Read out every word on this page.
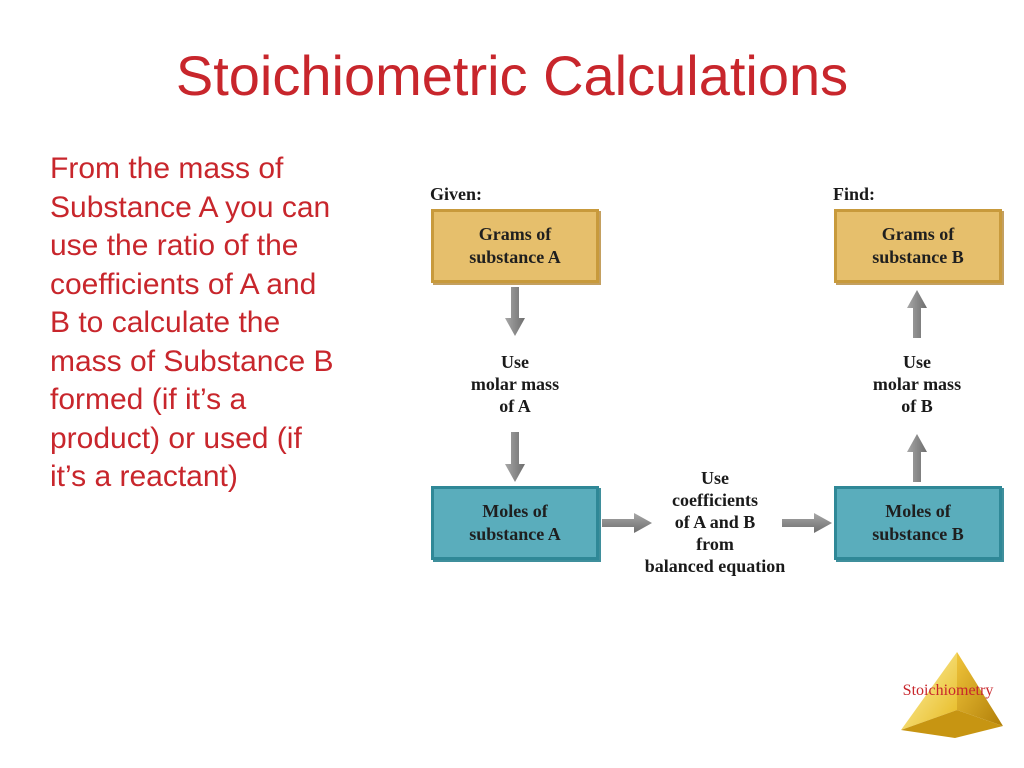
Stoichiometric Calculations
From the mass of
Substance A you can
use the ratio of the
coefficients of A and
B to calculate the
mass of Substance B
formed (if it’s a
product) or used (if
it’s a reactant)
Given:	Find:
Grams of
substance A
Grams of
substance B
Moles of
substance A
Moles of
substance B
Use
molar mass
of A
Use
molar mass
of B
Use
coefficients
of A and B
from
balanced equation
Stoichiometry
